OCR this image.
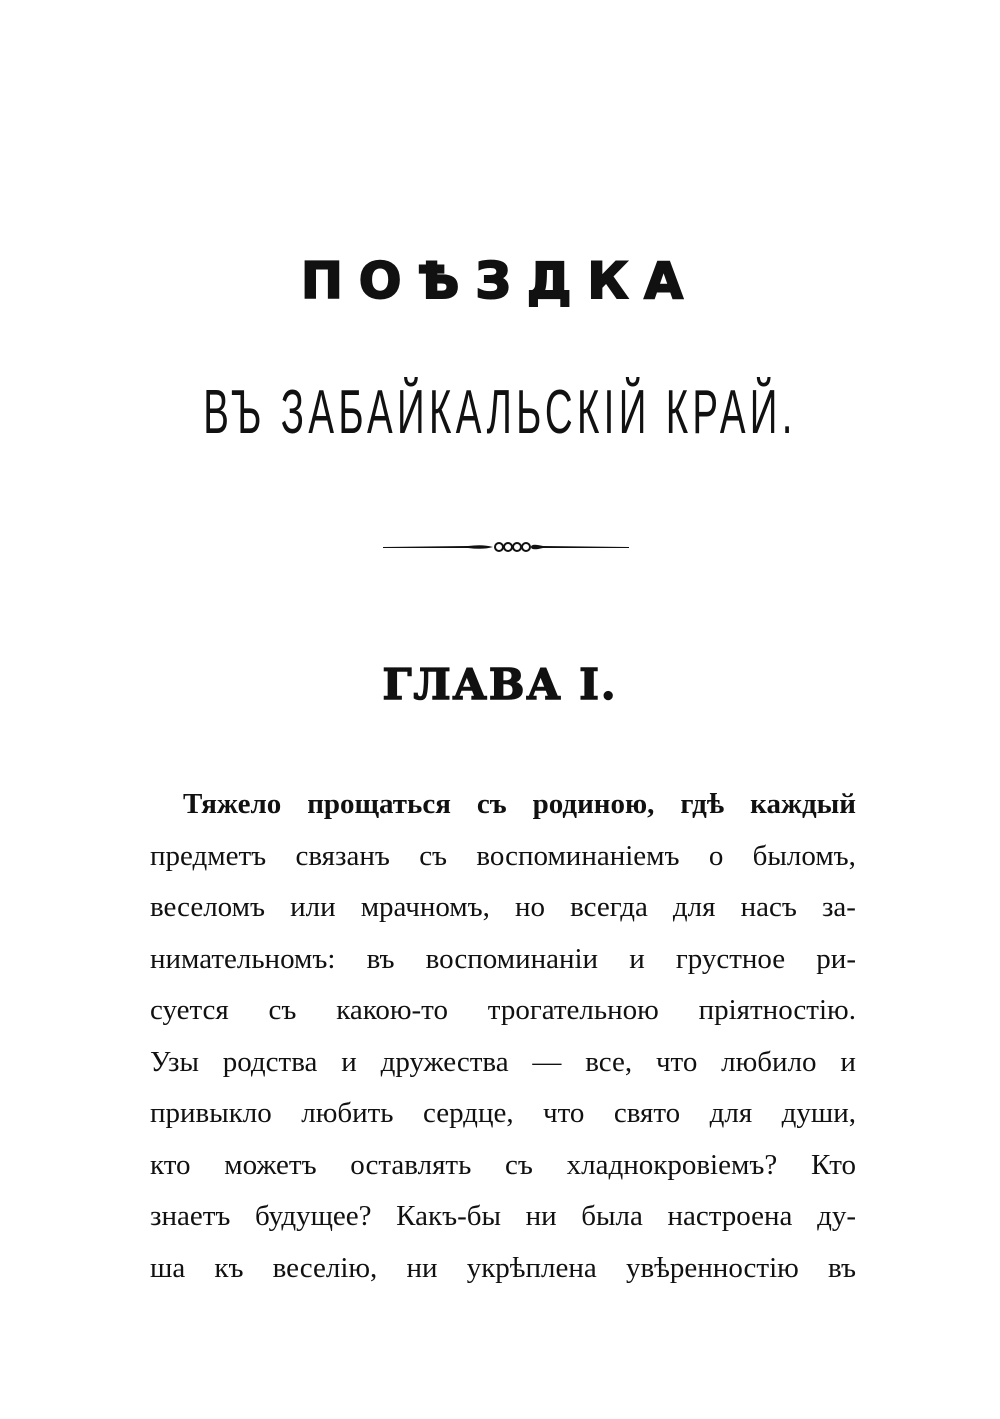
ПОѢЗДКА
ВЪ ЗАБАЙКАЛЬСКІЙ КРАЙ.
ГЛАВА I.
Тяжело прощаться съ родиною, гдѣ каждый
предметъ связанъ съ воспоминаніемъ о быломъ,
веселомъ или мрачномъ, но всегда для насъ за-
нимательномъ: въ воспоминаніи и грустное ри-
суется съ какою-то трогательною пріятностію.
Узы родства и дружества — все, что любило и
привыкло любить сердце, что свято для души,
кто можетъ оставлять съ хладнокровіемъ? Кто
знаетъ будущее? Какъ-бы ни была настроена ду-
ша къ веселію, ни укрѣплена увѣренностію въ
